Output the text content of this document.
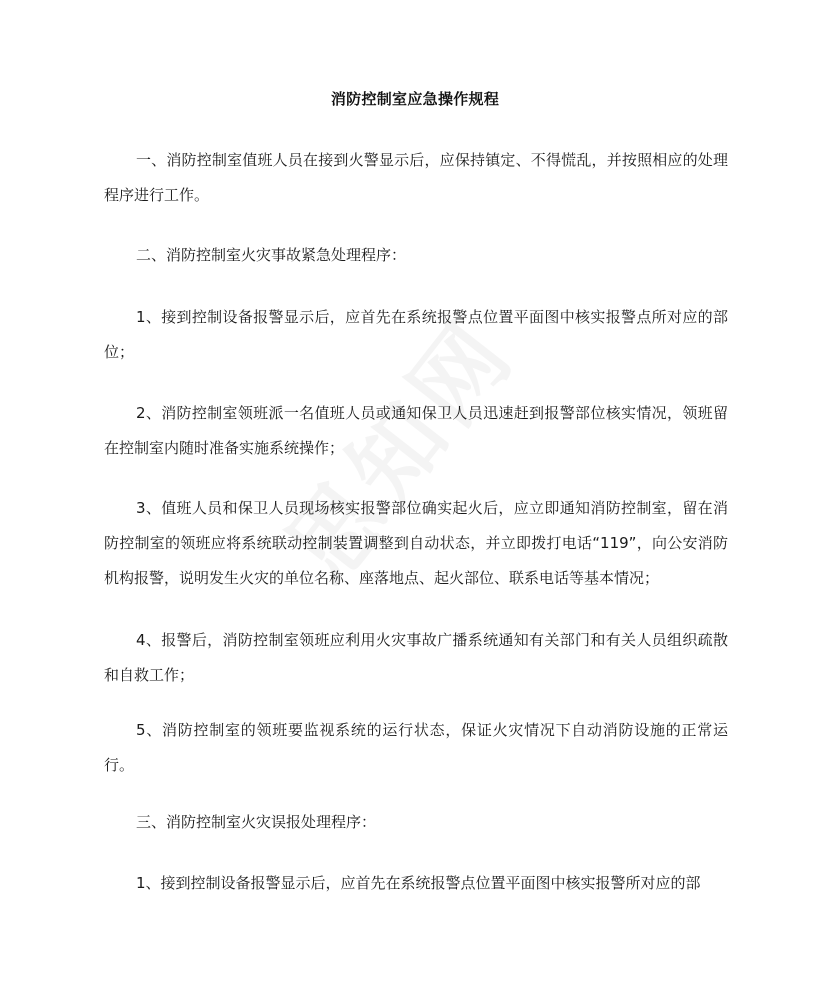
消防控制室应急操作规程
一、消防控制室值班人员在接到火警显示后，应保持镇定、不得慌乱，并按照相应的处理程序进行工作。
二、消防控制室火灾事故紧急处理程序：
1、接到控制设备报警显示后，应首先在系统报警点位置平面图中核实报警点所对应的部位；
2、消防控制室领班派一名值班人员或通知保卫人员迅速赶到报警部位核实情况，领班留在控制室内随时准备实施系统操作；
3、值班人员和保卫人员现场核实报警部位确实起火后，应立即通知消防控制室，留在消防控制室的领班应将系统联动控制装置调整到自动状态，并立即拨打电话“119”，向公安消防机构报警，说明发生火灾的单位名称、座落地点、起火部位、联系电话等基本情况；
4、报警后，消防控制室领班应利用火灾事故广播系统通知有关部门和有关人员组织疏散和自救工作；
5、消防控制室的领班要监视系统的运行状态，保证火灾情况下自动消防设施的正常运行。
三、消防控制室火灾误报处理程序：
1、接到控制设备报警显示后，应首先在系统报警点位置平面图中核实报警所对应的部
